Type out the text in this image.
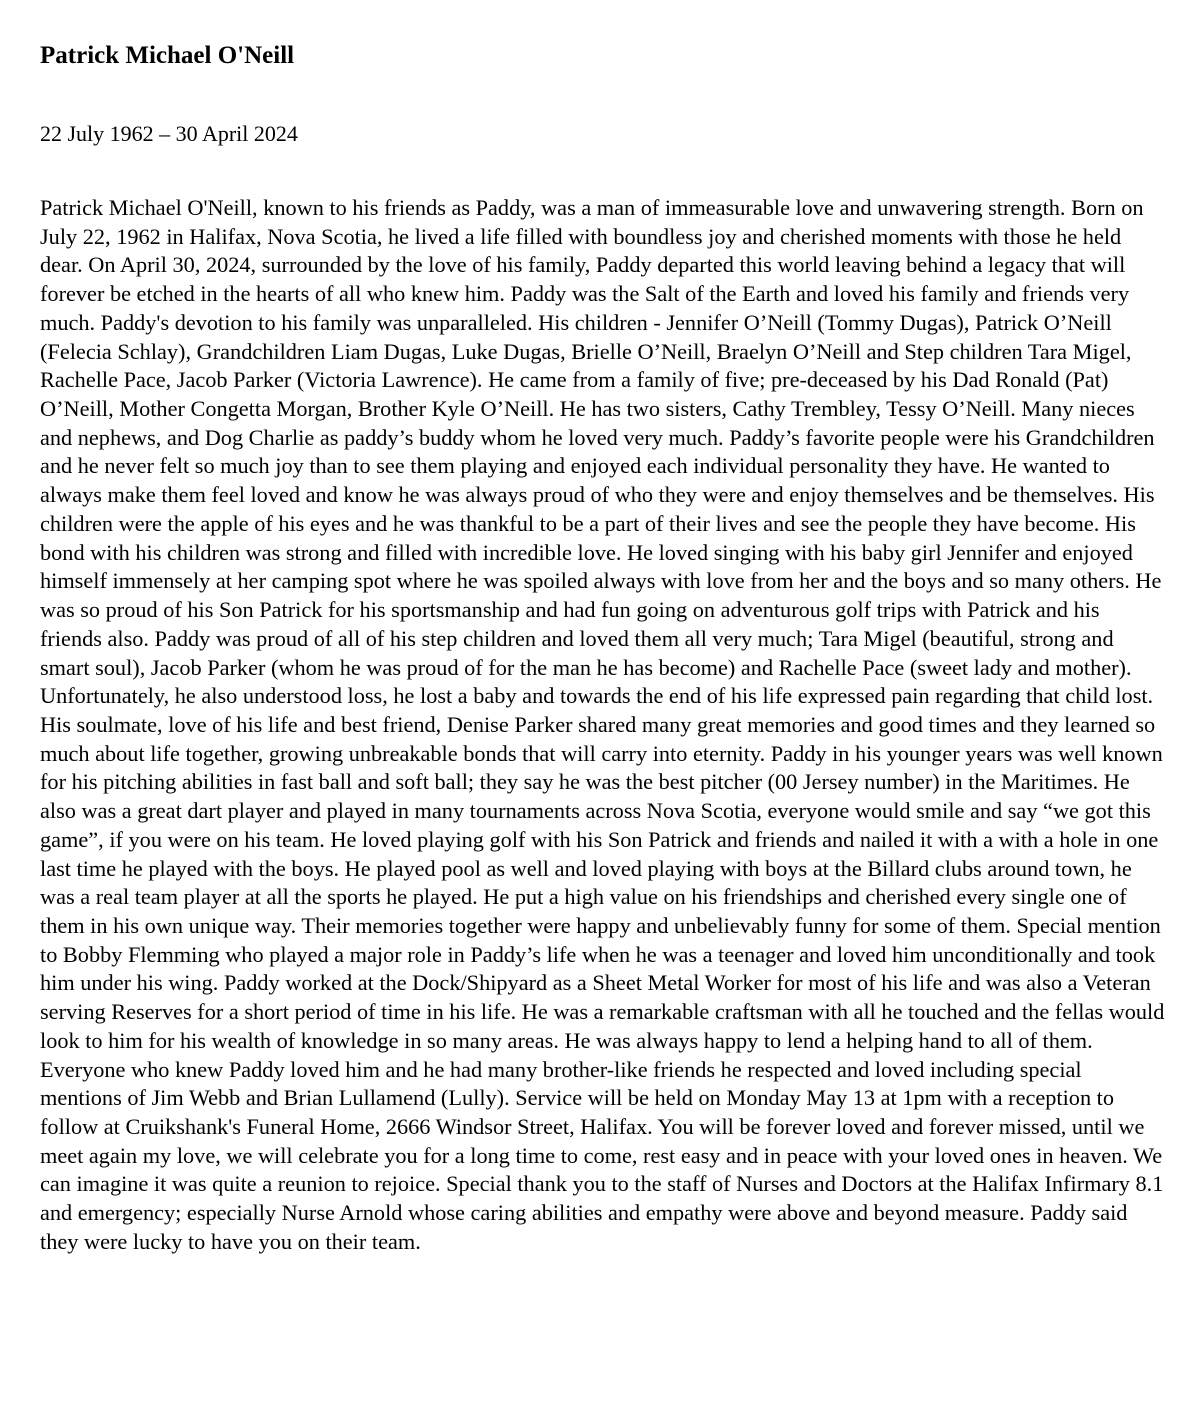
Patrick Michael O'Neill

22 July 1962 – 30 April 2024

Patrick Michael O'Neill, known to his friends as Paddy, was a man of immeasurable love and unwavering strength. Born on July 22, 1962 in Halifax, Nova Scotia, he lived a life filled with boundless joy and cherished moments with those he held dear. On April 30, 2024, surrounded by the love of his family, Paddy departed this world leaving behind a legacy that will forever be etched in the hearts of all who knew him. Paddy was the Salt of the Earth and loved his family and friends very much. Paddy's devotion to his family was unparalleled. His children - Jennifer O’Neill (Tommy Dugas), Patrick O’Neill (Felecia Schlay), Grandchildren Liam Dugas, Luke Dugas, Brielle O’Neill, Braelyn O’Neill and Step children Tara Migel, Rachelle Pace, Jacob Parker (Victoria Lawrence). He came from a family of five; pre-deceased by his Dad Ronald (Pat) O’Neill, Mother Congetta Morgan, Brother Kyle O’Neill. He has two sisters, Cathy Trembley, Tessy O’Neill. Many nieces and nephews, and Dog Charlie as paddy’s buddy whom he loved very much. Paddy’s favorite people were his Grandchildren and he never felt so much joy than to see them playing and enjoyed each individual personality they have. He wanted to always make them feel loved and know he was always proud of who they were and enjoy themselves and be themselves. His children were the apple of his eyes and he was thankful to be a part of their lives and see the people they have become. His bond with his children was strong and filled with incredible love. He loved singing with his baby girl Jennifer and enjoyed himself immensely at her camping spot where he was spoiled always with love from her and the boys and so many others. He was so proud of his Son Patrick for his sportsmanship and had fun going on adventurous golf trips with Patrick and his friends also. Paddy was proud of all of his step children and loved them all very much; Tara Migel (beautiful, strong and smart soul), Jacob Parker (whom he was proud of for the man he has become) and Rachelle Pace (sweet lady and mother). Unfortunately, he also understood loss, he lost a baby and towards the end of his life expressed pain regarding that child lost. His soulmate, love of his life and best friend, Denise Parker shared many great memories and good times and they learned so much about life together, growing unbreakable bonds that will carry into eternity. Paddy in his younger years was well known for his pitching abilities in fast ball and soft ball; they say he was the best pitcher (00 Jersey number) in the Maritimes. He also was a great dart player and played in many tournaments across Nova Scotia, everyone would smile and say “we got this game”, if you were on his team. He loved playing golf with his Son Patrick and friends and nailed it with a with a hole in one last time he played with the boys. He played pool as well and loved playing with boys at the Billard clubs around town, he was a real team player at all the sports he played. He put a high value on his friendships and cherished every single one of them in his own unique way. Their memories together were happy and unbelievably funny for some of them. Special mention to Bobby Flemming who played a major role in Paddy’s life when he was a teenager and loved him unconditionally and took him under his wing. Paddy worked at the Dock/Shipyard as a Sheet Metal Worker for most of his life and was also a Veteran serving Reserves for a short period of time in his life. He was a remarkable craftsman with all he touched and the fellas would look to him for his wealth of knowledge in so many areas. He was always happy to lend a helping hand to all of them. Everyone who knew Paddy loved him and he had many brother-like friends he respected and loved including special mentions of Jim Webb and Brian Lullamend (Lully). Service will be held on Monday May 13 at 1pm with a reception to follow at Cruikshank's Funeral Home, 2666 Windsor Street, Halifax. You will be forever loved and forever missed, until we meet again my love, we will celebrate you for a long time to come, rest easy and in peace with your loved ones in heaven. We can imagine it was quite a reunion to rejoice. Special thank you to the staff of Nurses and Doctors at the Halifax Infirmary 8.1 and emergency; especially Nurse Arnold whose caring abilities and empathy were above and beyond measure. Paddy said they were lucky to have you on their team.
